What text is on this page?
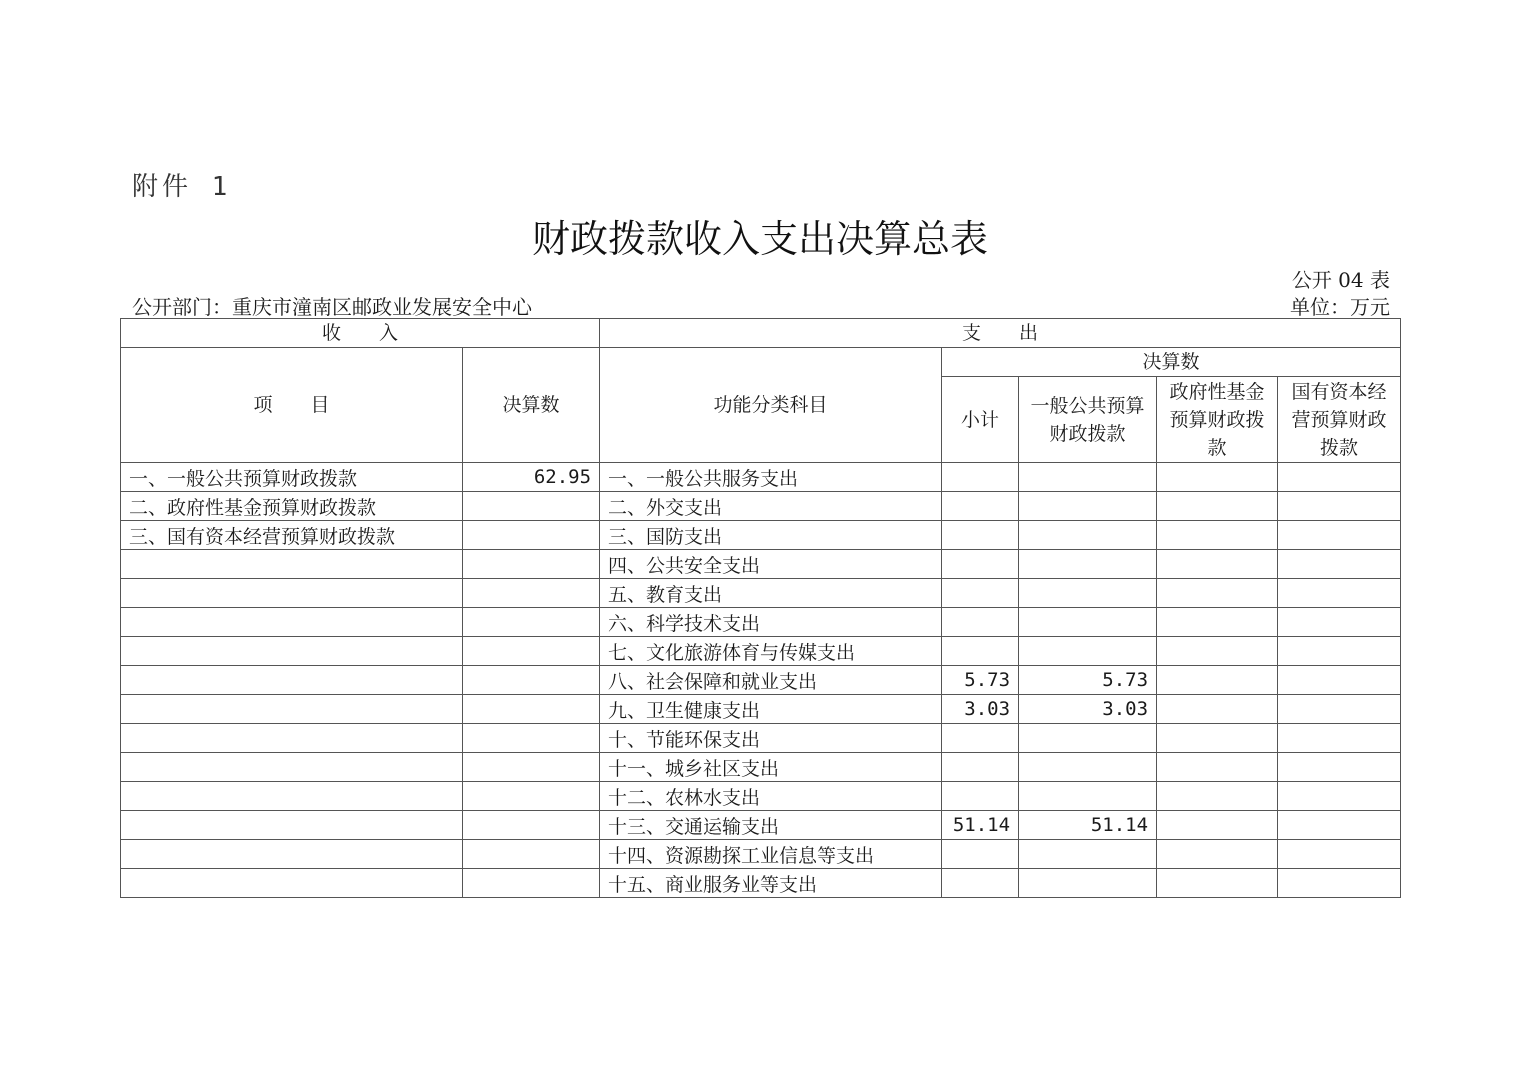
附件 1
财政拨款收入支出决算总表
公开 04 表
公开部门：重庆市潼南区邮政业发展安全中心	单位：万元
收　　入		支　　出				
项　　目	决算数	功能分类科目	决算数			
			小计	一般公共预算财政拨款	政府性基金预算财政拨款	国有资本经营预算财政拨款
一、一般公共预算财政拨款	62.95	一、一般公共服务支出				
二、政府性基金预算财政拨款		二、外交支出				
三、国有资本经营预算财政拨款		三、国防支出				
		四、公共安全支出				
		五、教育支出				
		六、科学技术支出				
		七、文化旅游体育与传媒支出				
		八、社会保障和就业支出	5.73	5.73		
		九、卫生健康支出	3.03	3.03		
		十、节能环保支出				
		十一、城乡社区支出				
		十二、农林水支出				
		十三、交通运输支出	51.14	51.14		
		十四、资源勘探工业信息等支出				
		十五、商业服务业等支出				
